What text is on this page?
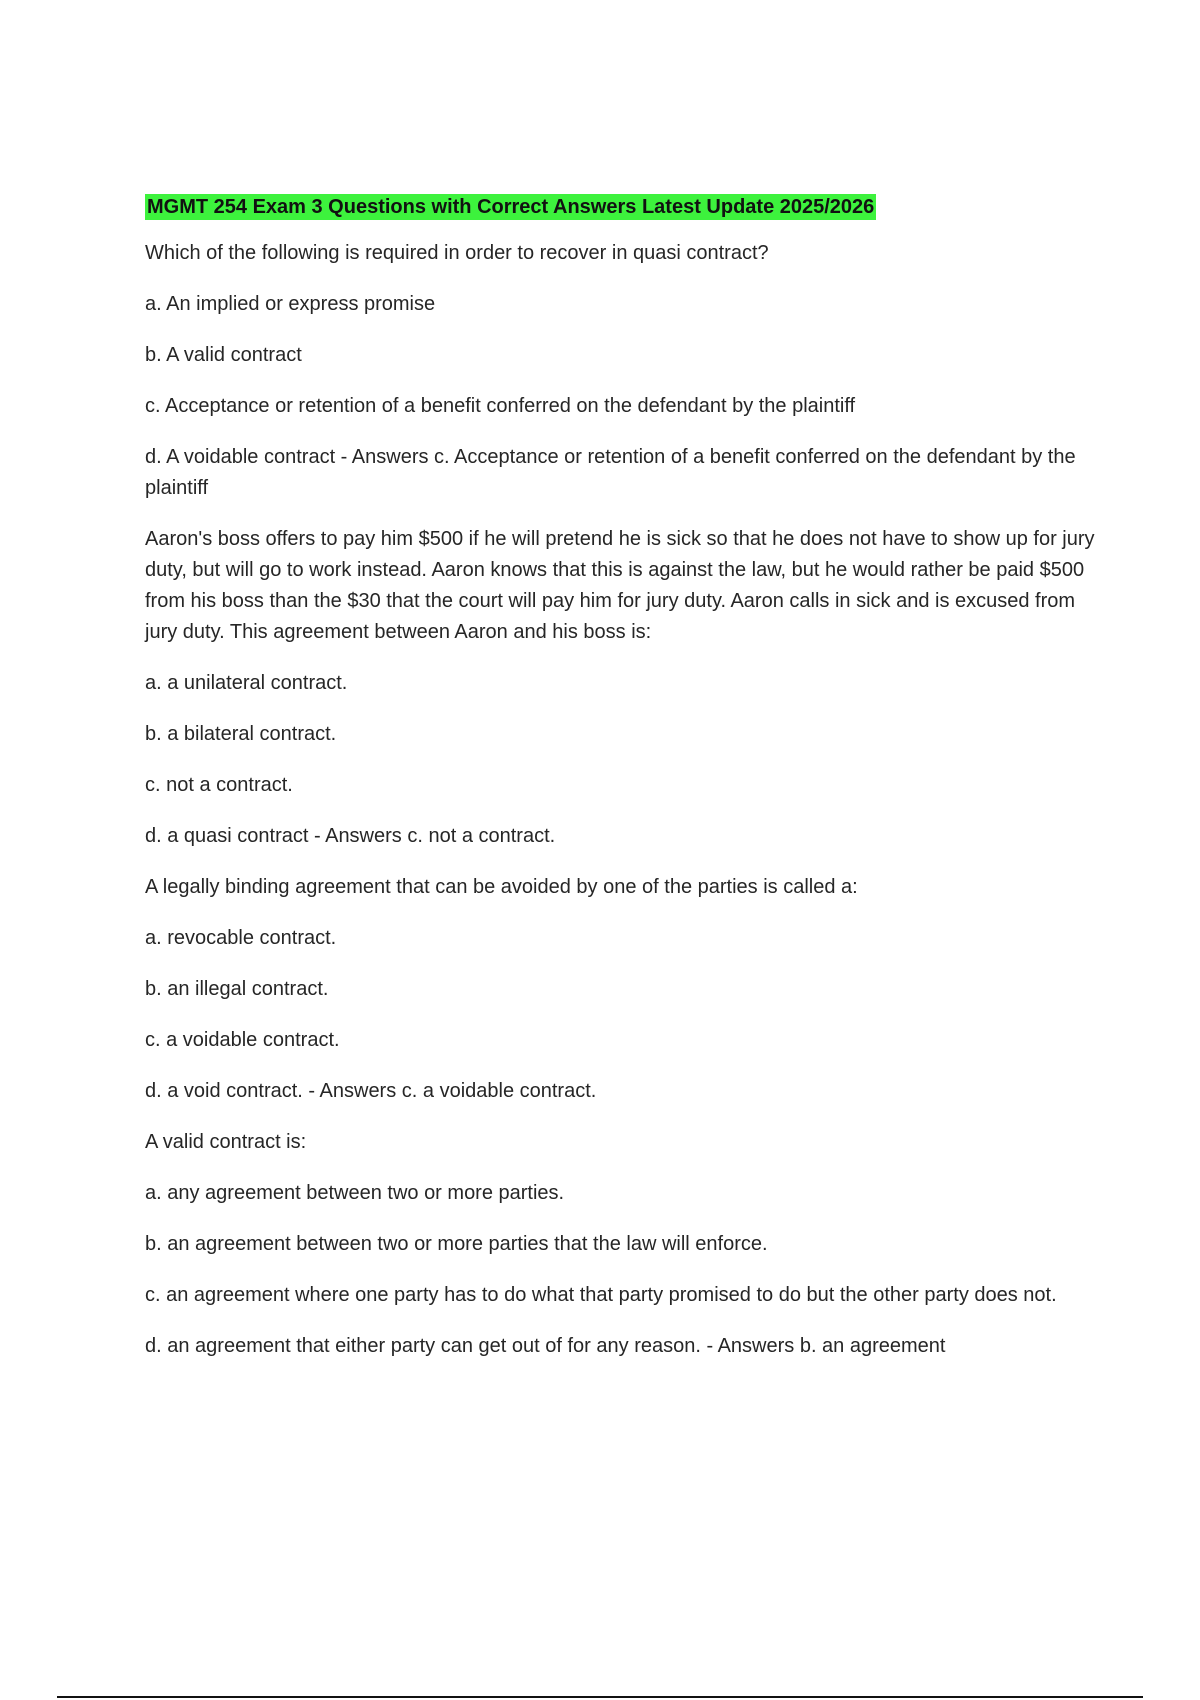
MGMT 254 Exam 3 Questions with Correct Answers Latest Update 2025/2026

Which of the following is required in order to recover in quasi contract?

a. An implied or express promise

b. A valid contract

c. Acceptance or retention of a benefit conferred on the defendant by the plaintiff

d. A voidable contract - Answers c. Acceptance or retention of a benefit conferred on the defendant by the plaintiff

Aaron's boss offers to pay him $500 if he will pretend he is sick so that he does not have to show up for jury duty, but will go to work instead. Aaron knows that this is against the law, but he would rather be paid $500 from his boss than the $30 that the court will pay him for jury duty. Aaron calls in sick and is excused from jury duty. This agreement between Aaron and his boss is:

a. a unilateral contract.

b. a bilateral contract.

c. not a contract.

d. a quasi contract - Answers c. not a contract.

A legally binding agreement that can be avoided by one of the parties is called a:

a. revocable contract.

b. an illegal contract.

c. a voidable contract.

d. a void contract. - Answers c. a voidable contract.

A valid contract is:

a. any agreement between two or more parties.

b. an agreement between two or more parties that the law will enforce.

c. an agreement where one party has to do what that party promised to do but the other party does not.

d. an agreement that either party can get out of for any reason. - Answers b. an agreement
